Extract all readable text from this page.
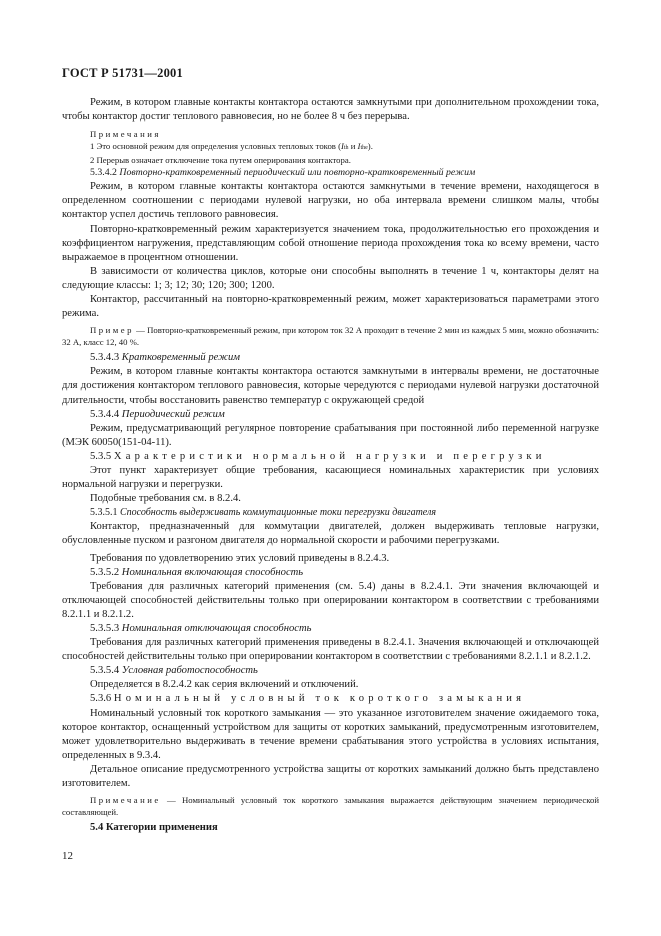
ГОСТ Р 51731—2001

Режим, в котором главные контакты контактора остаются замкнутыми при дополнительном прохождении тока, чтобы контактор достиг теплового равновесия, но не более 8 ч без перерыва.

Примечания

1 Это основной режим для определения условных тепловых токов (Ith и Ithe).

2 Перерыв означает отключение тока путем оперирования контактора.

5.3.4.2 Повторно-кратковременный периодический или повторно-кратковременный режим

Режим, в котором главные контакты контактора остаются замкнутыми в течение времени, находящегося в определенном соотношении с периодами нулевой нагрузки, но оба интервала времени слишком малы, чтобы контактор успел достичь теплового равновесия.

Повторно-кратковременный режим характеризуется значением тока, продолжительностью его прохождения и коэффициентом нагружения, представляющим собой отношение периода прохождения тока ко всему времени, часто выражаемое в процентном отношении.

В зависимости от количества циклов, которые они способны выполнять в течение 1 ч, контакторы делят на следующие классы: 1; 3; 12; 30; 120; 300; 1200.

Контактор, рассчитанный на повторно-кратковременный режим, может характеризоваться параметрами этого режима.

Пример — Повторно-кратковременный режим, при котором ток 32 А проходит в течение 2 мин из каждых 5 мин, можно обозначить: 32 А, класс 12, 40 %.

5.3.4.3 Кратковременный режим

Режим, в котором главные контакты контактора остаются замкнутыми в интервалы времени, не достаточные для достижения контактором теплового равновесия, которые чередуются с периодами нулевой нагрузки достаточной длительности, чтобы восстановить равенство температур с окружающей средой

5.3.4.4 Периодический режим

Режим, предусматривающий регулярное повторение срабатывания при постоянной либо переменной нагрузке (МЭК 60050(151-04-11).

5.3.5 Характеристики нормальной нагрузки и перегрузки

Этот пункт характеризует общие требования, касающиеся номинальных характеристик при условиях нормальной нагрузки и перегрузки.

Подобные требования см. в 8.2.4.

5.3.5.1 Способность выдерживать коммутационные токи перегрузки двигателя

Контактор, предназначенный для коммутации двигателей, должен выдерживать тепловые нагрузки, обусловленные пуском и разгоном двигателя до нормальной скорости и рабочими перегрузками.

Требования по удовлетворению этих условий приведены в 8.2.4.3.

5.3.5.2 Номинальная включающая способность

Требования для различных категорий применения (см. 5.4) даны в 8.2.4.1. Эти значения включающей и отключающей способностей действительны только при оперировании контактором в соответствии с требованиями 8.2.1.1 и 8.2.1.2.

5.3.5.3 Номинальная отключающая способность

Требования для различных категорий применения приведены в 8.2.4.1. Значения включающей и отключающей способностей действительны только при оперировании контактором в соответствии с требованиями 8.2.1.1 и 8.2.1.2.

5.3.5.4 Условная работоспособность

Определяется в 8.2.4.2 как серия включений и отключений.

5.3.6 Номинальный условный ток короткого замыкания

Номинальный условный ток короткого замыкания — это указанное изготовителем значение ожидаемого тока, которое контактор, оснащенный устройством для защиты от коротких замыканий, предусмотренным изготовителем, может удовлетворительно выдерживать в течение времени срабатывания этого устройства в условиях испытания, определенных в 9.3.4.

Детальное описание предусмотренного устройства защиты от коротких замыканий должно быть представлено изготовителем.

Примечание — Номинальный условный ток короткого замыкания выражается действующим значением периодической составляющей.

5.4 Категории применения

12
